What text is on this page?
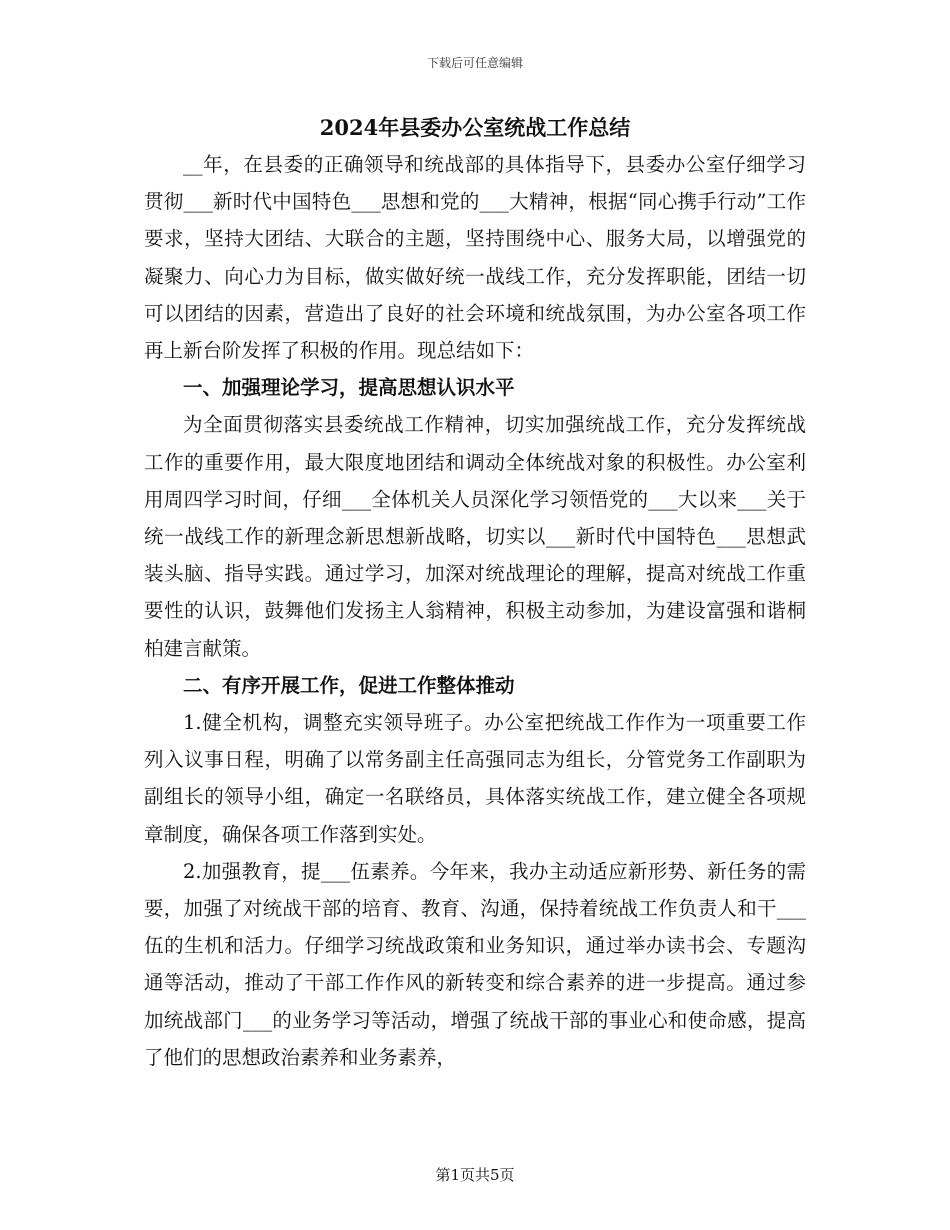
下载后可任意编辑
2024年县委办公室统战工作总结

__年，在县委的正确领导和统战部的具体指导下，县委办公室仔细学习贯彻___新时代中国特色___思想和党的___大精神，根据“同心携手行动”工作要求，坚持大团结、大联合的主题，坚持围绕中心、服务大局，以增强党的凝聚力、向心力为目标，做实做好统一战线工作，充分发挥职能，团结一切可以团结的因素，营造出了良好的社会环境和统战氛围，为办公室各项工作再上新台阶发挥了积极的作用。现总结如下：

一、加强理论学习，提高思想认识水平

为全面贯彻落实县委统战工作精神，切实加强统战工作，充分发挥统战工作的重要作用，最大限度地团结和调动全体统战对象的积极性。办公室利用周四学习时间，仔细___全体机关人员深化学习领悟党的___大以来___关于统一战线工作的新理念新思想新战略，切实以___新时代中国特色___思想武装头脑、指导实践。通过学习，加深对统战理论的理解，提高对统战工作重要性的认识，鼓舞他们发扬主人翁精神，积极主动参加，为建设富强和谐桐柏建言献策。

二、有序开展工作，促进工作整体推动

1.健全机构，调整充实领导班子。办公室把统战工作作为一项重要工作列入议事日程，明确了以常务副主任高强同志为组长，分管党务工作副职为副组长的领导小组，确定一名联络员，具体落实统战工作，建立健全各项规章制度，确保各项工作落到实处。

2.加强教育，提___伍素养。今年来，我办主动适应新形势、新任务的需要，加强了对统战干部的培育、教育、沟通，保持着统战工作负责人和干___伍的生机和活力。仔细学习统战政策和业务知识，通过举办读书会、专题沟通等活动，推动了干部工作作风的新转变和综合素养的进一步提高。通过参加统战部门___的业务学习等活动，增强了统战干部的事业心和使命感，提高了他们的思想政治素养和业务素养，

第1页共5页
